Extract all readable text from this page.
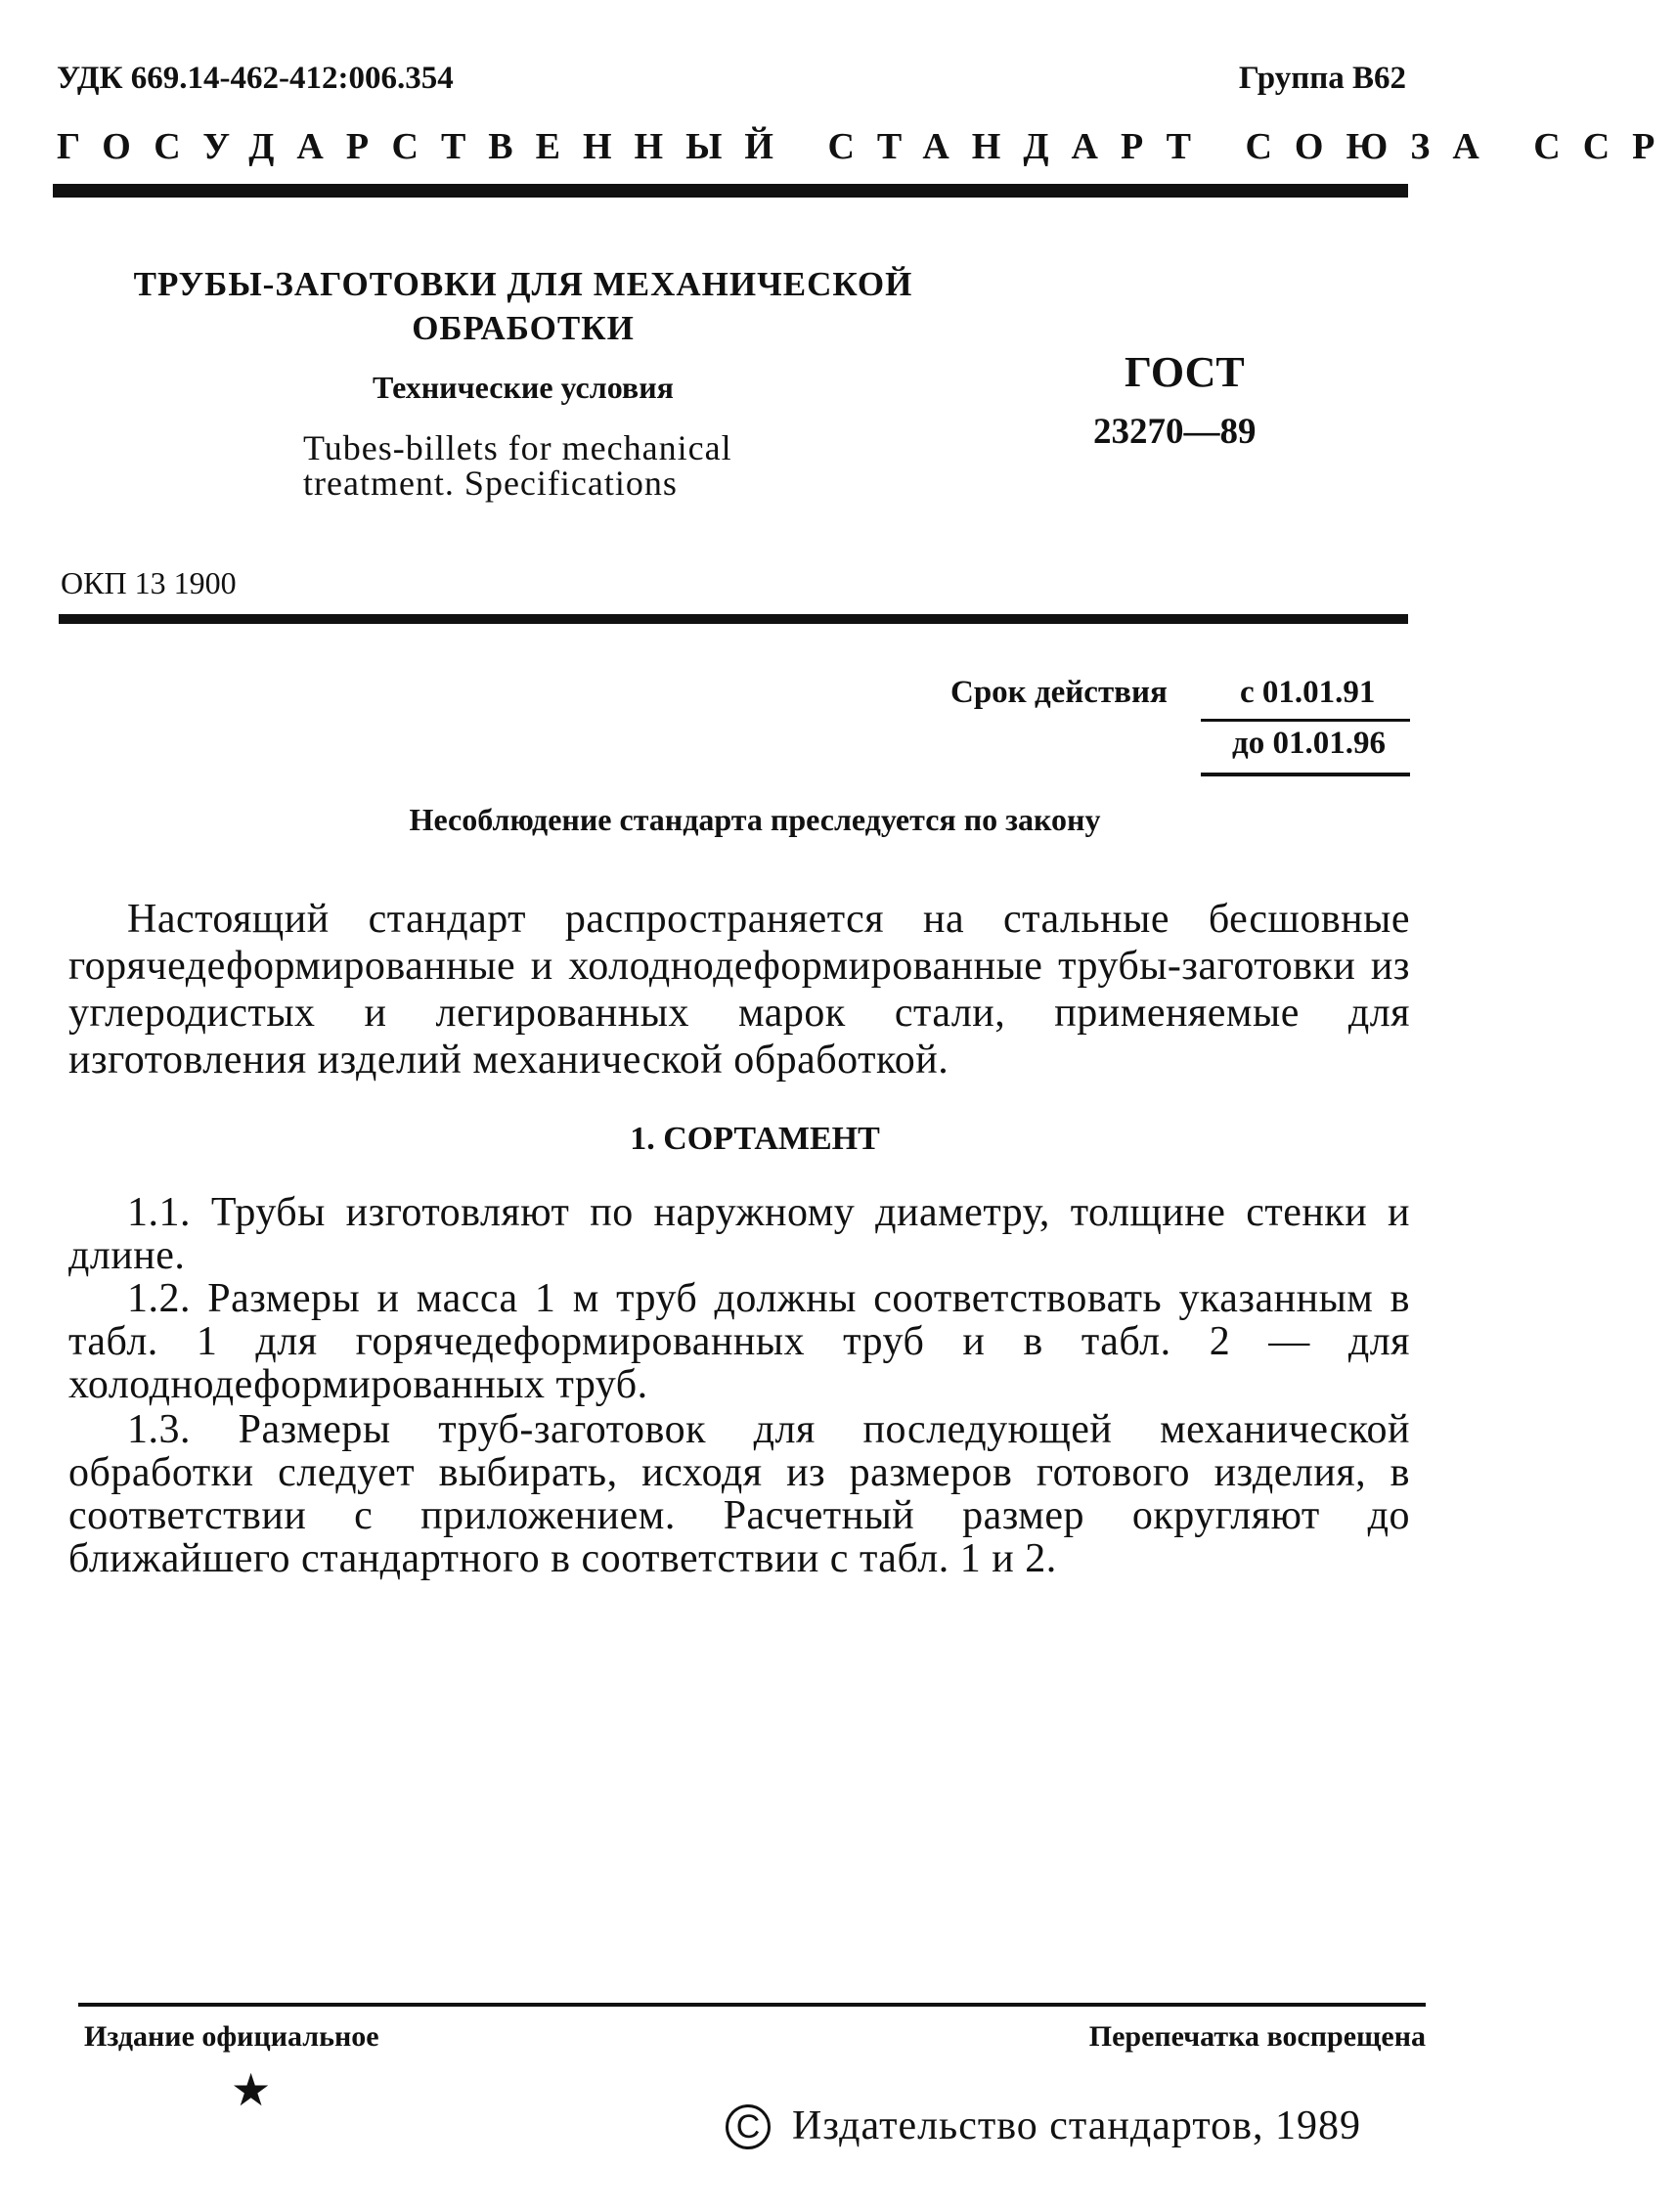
УДК 669.14-462-412:006.354	Группа В62
ГОСУДАРСТВЕННЫЙ СТАНДАРТ СОЮЗА ССР
ТРУБЫ-ЗАГОТОВКИ ДЛЯ МЕХАНИЧЕСКОЙ
ОБРАБОТКИ
Технические условия
Tubes-billets for mechanical
treatment. Specifications
ГОСТ
23270—89
ОКП 13 1900
Срок действия с 01.01.91
до 01.01.96
Несоблюдение стандарта преследуется по закону
Настоящий стандарт распространяется на стальные бесшовные горячедеформированные и холоднодеформированные трубы-заготовки из углеродистых и легированных марок стали, применяемые для изготовления изделий механической обработкой.
1. СОРТАМЕНТ
1.1. Трубы изготовляют по наружному диаметру, толщине стенки и длине.
1.2. Размеры и масса 1 м труб должны соответствовать указанным в табл. 1 для горячедеформированных труб и в табл. 2 — для холоднодеформированных труб.
1.3. Размеры труб-заготовок для последующей механической обработки следует выбирать, исходя из размеров готового изделия, в соответствии с приложением. Расчетный размер округляют до ближайшего стандартного в соответствии с табл. 1 и 2.
Издание официальное
★
Перепечатка воспрещена
C Издательство стандартов, 1989
